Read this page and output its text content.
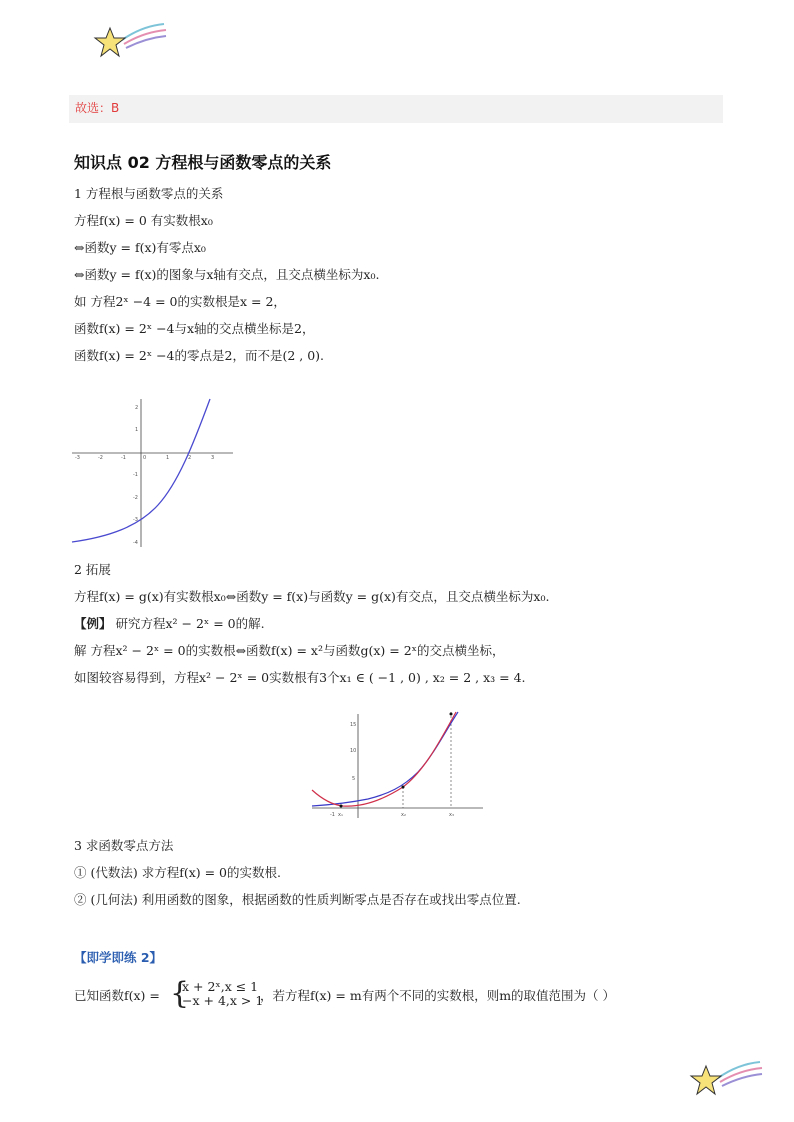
故选：B
知识点 02 方程根与函数零点的关系
1 方程根与函数零点的关系
方程f(x) = 0 有实数根x₀
⇔函数y = f(x)有零点x₀
⇔函数y = f(x)的图象与x轴有交点，且交点横坐标为x₀.
如 方程2ˣ −4 = 0的实数根是x = 2，
函数f(x) = 2ˣ −4与x轴的交点横坐标是2，
函数f(x) = 2ˣ −4的零点是2，而不是(2 , 0).
-3	-2	-1	0	1	2	3
2
1
-1
-2
-3
-4
2 拓展
方程f(x) = g(x)有实数根x₀⇔函数y = f(x)与函数y = g(x)有交点，且交点横坐标为x₀.
【例】 研究方程x² − 2ˣ = 0的解.
解 方程x² − 2ˣ = 0的实数根⇔函数f(x) = x²与函数g(x) = 2ˣ的交点横坐标，
如图较容易得到，方程x² − 2ˣ = 0实数根有3个x₁ ∈ ( −1 , 0) , x₂ = 2 , x₃ = 4.
15
10
5
-1 x₁	x₂	x₃
3 求函数零点方法
① (代数法) 求方程f(x) = 0的实数根.
② (几何法) 利用函数的图象，根据函数的性质判断零点是否存在或找出零点位置.
【即学即练 2】
已知函数f(x) = {
x + 2ˣ,x ≤ 1
−x + 4,x > 1
，若方程f(x) = m有两个不同的实数根，则m的取值范围为（ ）
